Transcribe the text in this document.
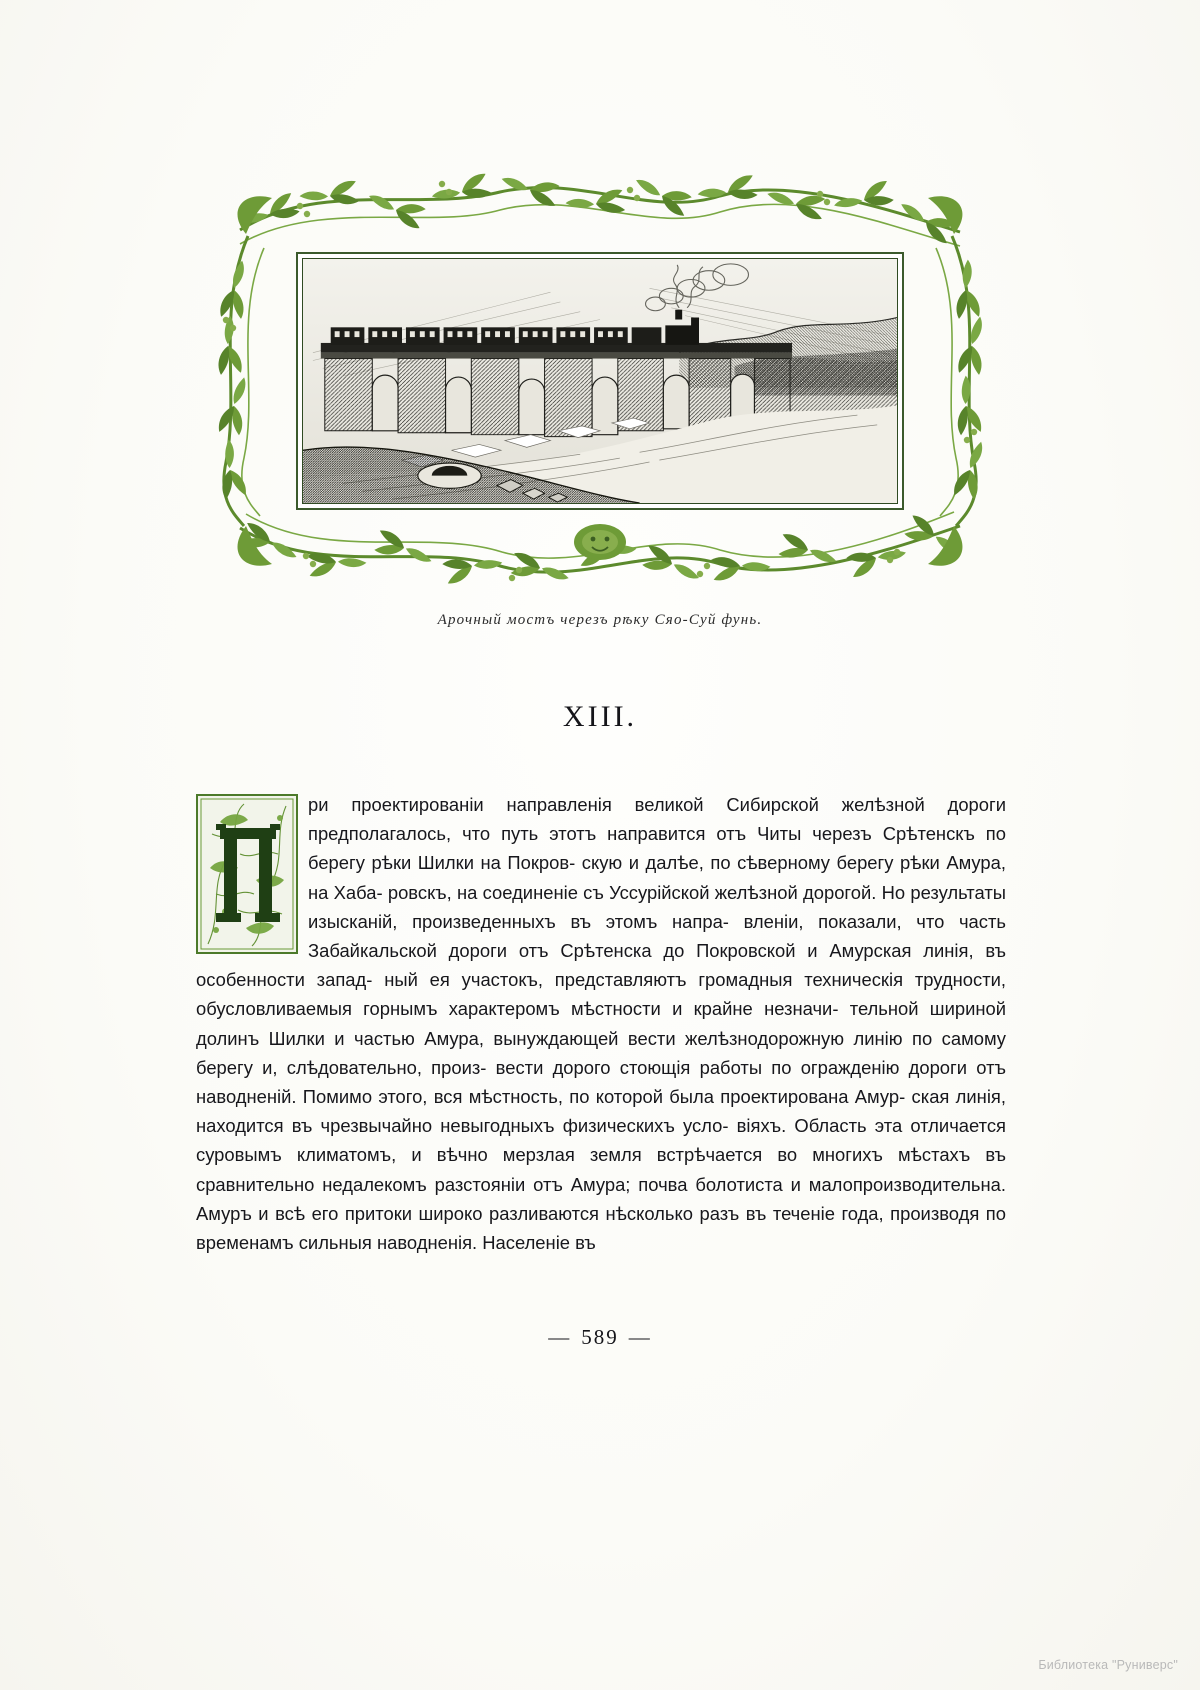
Арочный мостъ черезъ рѣку Сяо-Суй фунь.
XIII.

ри проектированiи направленiя великой Сибирской желѣзной дороги предполагалось, что путь этотъ направится отъ Читы черезъ Срѣтенскъ по берегу рѣки Шилки на Покров- скую и далѣе, по сѣверному берегу рѣки Амура, на Хаба- ровскъ, на соединенiе съ Уссурiйской желѣзной дорогой. Но результаты изысканiй, произведенныхъ въ этомъ напра- вленiи, показали, что часть Забайкальской дороги отъ Срѣтенска до Покровской и Амурская линiя, въ особенности запад- ный ея участокъ, представляютъ громадныя техническiя трудности, обусловливаемыя горнымъ характеромъ мѣстности и крайне незначи- тельной шириной долинъ Шилки и частью Амура, вынуждающей вести желѣзнодорожную линiю по самому берегу и, слѣдовательно, произ- вести дорого стоющiя работы по огражденiю дороги отъ наводненiй. Помимо этого, вся мѣстность, по которой была проектирована Амур- ская линiя, находится въ чрезвычайно невыгодныхъ физическихъ усло- вiяхъ. Область эта отличается суровымъ климатомъ, и вѣчно мерзлая земля встрѣчается во многихъ мѣстахъ въ сравнительно недалекомъ разстоянiи отъ Амура; почва болотиста и малопроизводительна. Амуръ и всѣ его притоки широко разливаются нѣсколько разъ въ теченiе года, производя по временамъ сильныя наводненiя. Населенiе въ

— 589 —
Библиотека "Руниверс"
